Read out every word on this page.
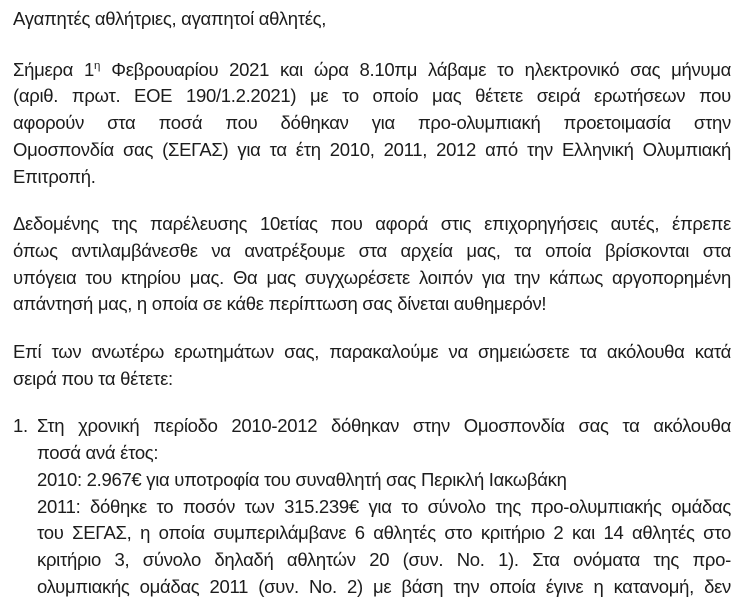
Αγαπητές αθλήτριες, αγαπητοί αθλητές,

Σήμερα $1^\eta$ Φεβρουαρίου 2021 και ώρα 8.10πμ λάβαμε το ηλεκτρονικό σας μήνυμα

(αριθ. πρωτ. ΕΟΕ 190/1.2.2021) με το οποίο μας θέτετε σειρά ερωτήσεων που

αφορούν στα ποσά που δόθηκαν για προ-ολυμπιακή προετοιμασία στην

Ομοσπονδία σας (ΣΕΓΑΣ) για τα έτη 2010, 2011, 2012 από την Ελληνική Ολυμπιακή

Επιτροπή.

Δεδομένης της παρέλευσης 10ετίας που αφορά στις επιχορηγήσεις αυτές, έπρεπε

όπως αντιλαμβάνεσθε να ανατρέξουμε στα αρχεία μας, τα οποία βρίσκονται στα

υπόγεια του κτηρίου μας. Θα μας συγχωρέσετε λοιπόν για την κάπως αργοπορημένη

απάντησή μας, η οποία σε κάθε περίπτωση σας δίνεται αυθημερόν!

Επί των ανωτέρω ερωτημάτων σας, παρακαλούμε να σημειώσετε τα ακόλουθα κατά

σειρά που τα θέτετε:

1. Στη χρονική περίοδο 2010-2012 δόθηκαν στην Ομοσπονδία σας τα ακόλουθα

ποσά ανά έτος:

2010: 2.967€ για υποτροφία του συναθλητή σας Περικλή Ιακωβάκη

2011: δόθηκε το ποσόν των 315.239€ για το σύνολο της προ-ολυμπιακής ομάδας

του ΣΕΓΑΣ, η οποία συμπεριλάμβανε 6 αθλητές στο κριτήριο 2 και 14 αθλητές στο

κριτήριο 3, σύνολο δηλαδή αθλητών 20 (συν. Νο. 1). Στα ονόματα της προ-

ολυμπιακής ομάδας 2011 (συν. Νο. 2) με βάση την οποία έγινε η κατανομή, δεν
